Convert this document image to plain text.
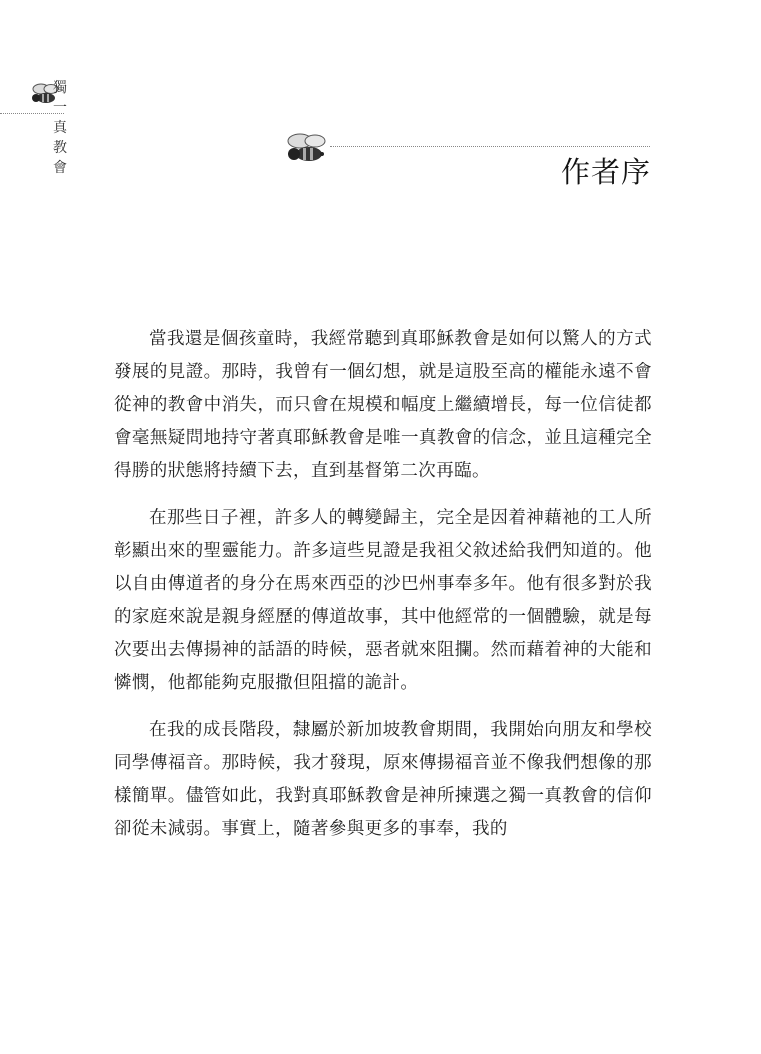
獨
一
真
教
會	作者序

當我還是個孩童時，我經常聽到真耶穌教會是如何以驚人的方式發展的見證。那時，我曾有一個幻想，就是這股至高的權能永遠不會從神的教會中消失，而只會在規模和幅度上繼續增長，每一位信徒都會毫無疑問地持守著真耶穌教會是唯一真教會的信念，並且這種完全得勝的狀態將持續下去，直到基督第二次再臨。

在那些日子裡，許多人的轉變歸主，完全是因着神藉祂的工人所彰顯出來的聖靈能力。許多這些見證是我祖父敘述給我們知道的。他以自由傳道者的身分在馬來西亞的沙巴州事奉多年。他有很多對於我的家庭來說是親身經歷的傳道故事，其中他經常的一個體驗，就是每次要出去傳揚神的話語的時候，惡者就來阻攔。然而藉着神的大能和憐憫，他都能夠克服撒但阻擋的詭計。

在我的成長階段，隸屬於新加坡教會期間，我開始向朋友和學校同學傳福音。那時候，我才發現，原來傳揚福音並不像我們想像的那樣簡單。儘管如此，我對真耶穌教會是神所揀選之獨一真教會的信仰卻從未減弱。事實上，隨著參與更多的事奉，我的
